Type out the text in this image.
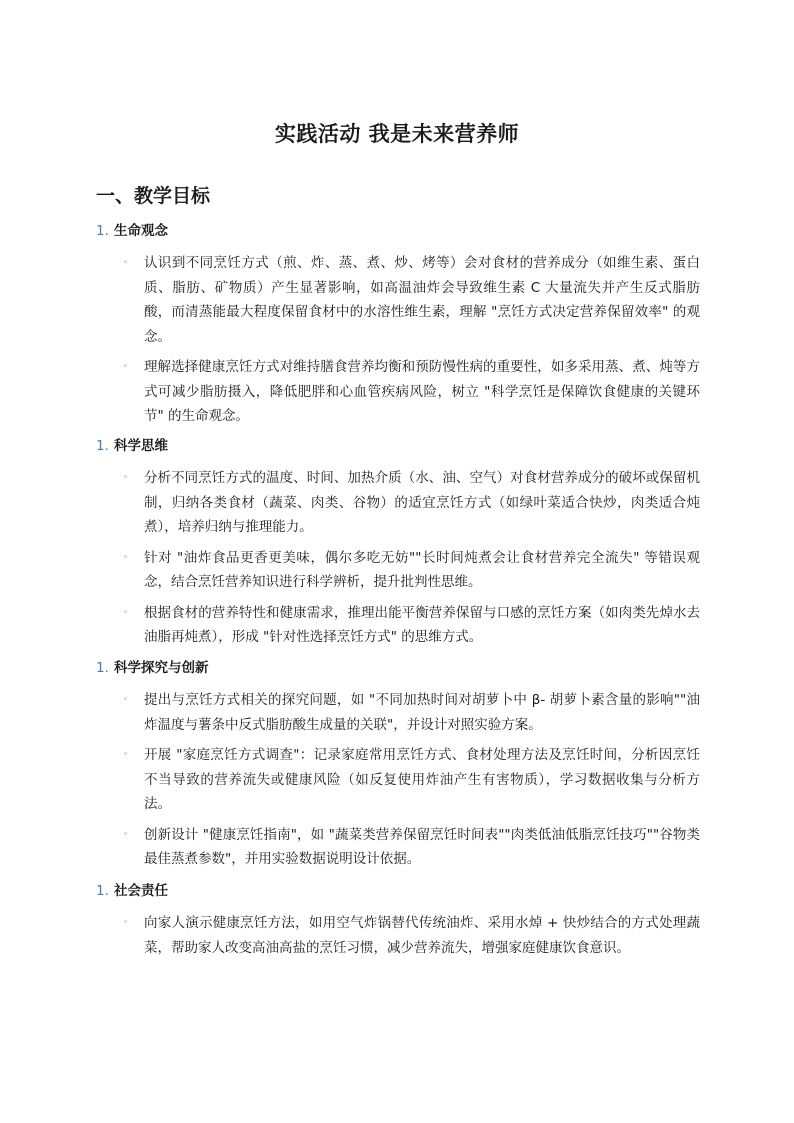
实践活动 我是未来营养师
一、教学目标
1. 生命观念
◦ 认识到不同烹饪方式（煎、炸、蒸、煮、炒、烤等）会对食材的营养成分（如维生素、蛋白质、脂肪、矿物质）产生显著影响，如高温油炸会导致维生素 C 大量流失并产生反式脂肪酸，而清蒸能最大程度保留食材中的水溶性维生素，理解 "烹饪方式决定营养保留效率" 的观念。
◦ 理解选择健康烹饪方式对维持膳食营养均衡和预防慢性病的重要性，如多采用蒸、煮、炖等方式可减少脂肪摄入，降低肥胖和心血管疾病风险，树立 "科学烹饪是保障饮食健康的关键环节" 的生命观念。
1. 科学思维
◦ 分析不同烹饪方式的温度、时间、加热介质（水、油、空气）对食材营养成分的破坏或保留机制，归纳各类食材（蔬菜、肉类、谷物）的适宜烹饪方式（如绿叶菜适合快炒，肉类适合炖煮），培养归纳与推理能力。
◦ 针对 "油炸食品更香更美味，偶尔多吃无妨""长时间炖煮会让食材营养完全流失" 等错误观念，结合烹饪营养知识进行科学辨析，提升批判性思维。
◦ 根据食材的营养特性和健康需求，推理出能平衡营养保留与口感的烹饪方案（如肉类先焯水去油脂再炖煮），形成 "针对性选择烹饪方式" 的思维方式。
1. 科学探究与创新
◦ 提出与烹饪方式相关的探究问题，如 "不同加热时间对胡萝卜中 β- 胡萝卜素含量的影响""油炸温度与薯条中反式脂肪酸生成量的关联"，并设计对照实验方案。
◦ 开展 "家庭烹饪方式调查"：记录家庭常用烹饪方式、食材处理方法及烹饪时间，分析因烹饪不当导致的营养流失或健康风险（如反复使用炸油产生有害物质），学习数据收集与分析方法。
◦ 创新设计 "健康烹饪指南"，如 "蔬菜类营养保留烹饪时间表""肉类低油低脂烹饪技巧""谷物类最佳蒸煮参数"，并用实验数据说明设计依据。
1. 社会责任
◦ 向家人演示健康烹饪方法，如用空气炸锅替代传统油炸、采用水焯 + 快炒结合的方式处理蔬菜，帮助家人改变高油高盐的烹饪习惯，减少营养流失，增强家庭健康饮食意识。
